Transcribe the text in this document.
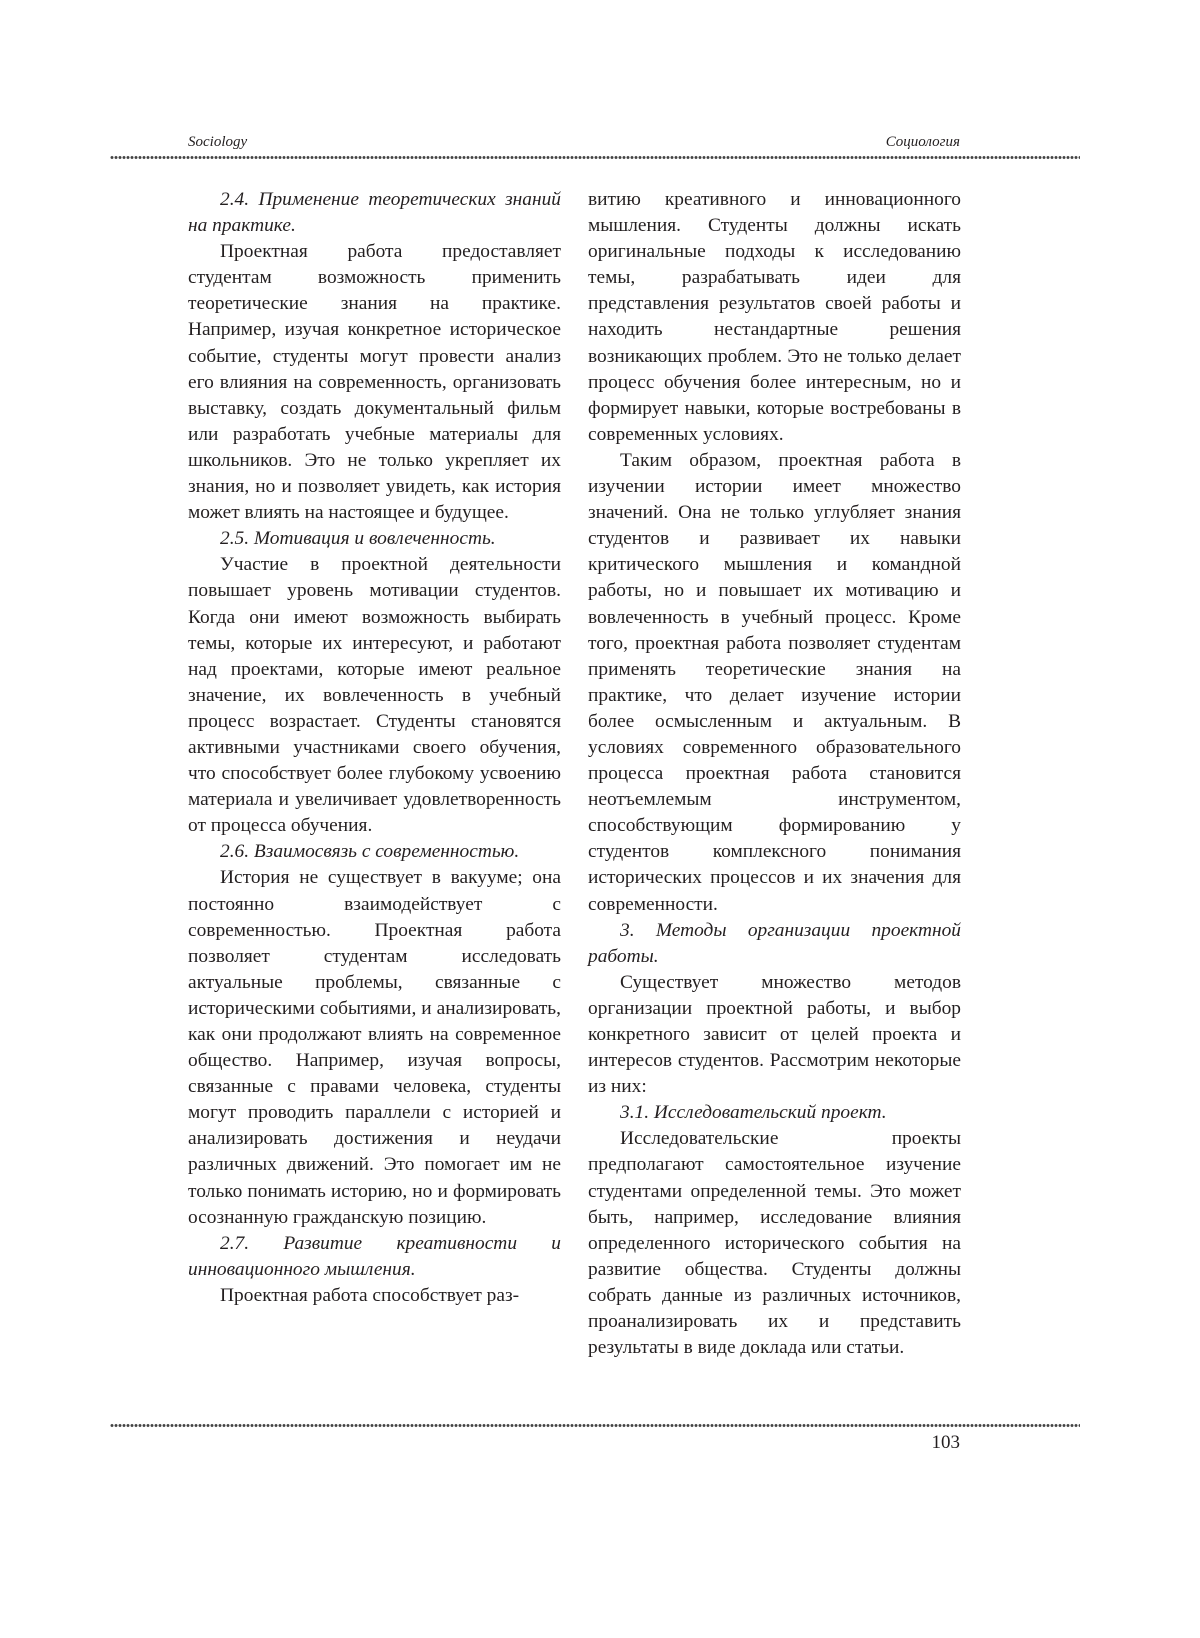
Sociology	Социология

2.4. Применение теоретических знаний на практике.

Проектная работа предоставляет студентам возможность применить теоретические знания на практике. Например, изучая конкретное историческое событие, студенты могут провести анализ его влияния на современность, организовать выставку, создать документальный фильм или разработать учебные материалы для школьников. Это не только укрепляет их знания, но и позволяет увидеть, как история может влиять на настоящее и будущее.

2.5. Мотивация и вовлеченность.

Участие в проектной деятельности повышает уровень мотивации студентов. Когда они имеют возможность выбирать темы, которые их интересуют, и работают над проектами, которые имеют реальное значение, их вовлеченность в учебный процесс возрастает. Студенты становятся активными участниками своего обучения, что способствует более глубокому усвоению материала и увеличивает удовлетворенность от процесса обучения.

2.6. Взаимосвязь с современностью.

История не существует в вакууме; она постоянно взаимодействует с современностью. Проектная работа позволяет студентам исследовать актуальные проблемы, связанные с историческими событиями, и анализировать, как они продолжают влиять на современное общество. Например, изучая вопросы, связанные с правами человека, студенты могут проводить параллели с историей и анализировать достижения и неудачи различных движений. Это помогает им не только понимать историю, но и формировать осознанную гражданскую позицию.

2.7. Развитие креативности и инновационного мышления.

Проектная работа способствует раз-

витию креативного и инновационного мышления. Студенты должны искать оригинальные подходы к исследованию темы, разрабатывать идеи для представления результатов своей работы и находить нестандартные решения возникающих проблем. Это не только делает процесс обучения более интересным, но и формирует навыки, которые востребованы в современных условиях.

Таким образом, проектная работа в изучении истории имеет множество значений. Она не только углубляет знания студентов и развивает их навыки критического мышления и командной работы, но и повышает их мотивацию и вовлеченность в учебный процесс. Кроме того, проектная работа позволяет студентам применять теоретические знания на практике, что делает изучение истории более осмысленным и актуальным. В условиях современного образовательного процесса проектная работа становится неотъемлемым инструментом, способствующим формированию у студентов комплексного понимания исторических процессов и их значения для современности.

3. Методы организации проектной работы.

Существует множество методов организации проектной работы, и выбор конкретного зависит от целей проекта и интересов студентов. Рассмотрим некоторые из них:

3.1. Исследовательский проект.

Исследовательские проекты предполагают самостоятельное изучение студентами определенной темы. Это может быть, например, исследование влияния определенного исторического события на развитие общества. Студенты должны собрать данные из различных источников, проанализировать их и представить результаты в виде доклада или статьи.

103
